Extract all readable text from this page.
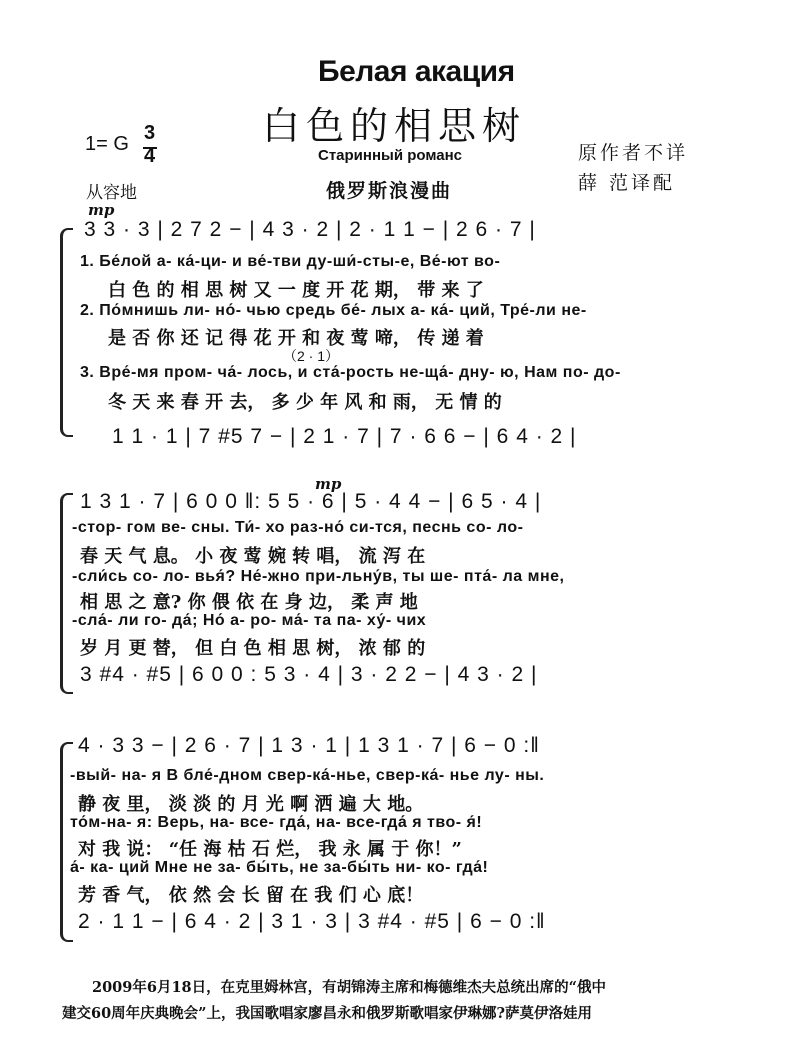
Белая акация
白色的相思树
Старинный романс
俄罗斯浪漫曲
原作者不详
薛 范译配
1= G 3
4
从容地
mp
3 3 · 3 | 2 7 2 − | 4 3 · 2 | 2 · 1 1 − | 2 6 · 7 |
1. Бе́лой а- ка́-ци- и ве́-тви ду-ши́-сты-е, Ве́-ют во-
白 色 的 相 思 树 又 一 度 开 花 期， 带 来 了
2. По́мнишь ли- но́- чью средь бе́- лых а- ка́- ций, Тре́-ли не-
是 否 你 还 记 得 花 开 和 夜 莺 啼， 传 递 着
（2 · 1）
3. Вре́-мя пром- ча́- лось, и ста́-рость не-ща́- дну- ю, Нам по- до-
冬 天 来 春 开 去， 多 少 年 风 和 雨， 无 情 的
1 1 · 1 | 7 #5 7 − | 2 1 · 7 | 7 · 6 6 − | 6 4 · 2 |
mp
1 3 1 · 7 | 6 0 0 ‖: 5 5 · 6 | 5 · 4 4 − | 6 5 · 4 |
-стор- гом ве- сны. Ти́- хо раз-но́ си-тся, песнь со- ло-
春 天 气 息。 小 夜 莺 婉 转 唱， 流 泻 在
-сли́сь со- ло- вья́? Не́-жно при-льну́в, ты ше- пта́- ла мне,
相 思 之 意? 你 偎 依 在 身 边， 柔 声 地
-сла́- ли го- да́; Но́ а- ро- ма́- та па- ху́- чих
岁 月 更 替， 但 白 色 相 思 树， 浓 郁 的
3 #4 · #5 | 6 0 0 : 5 3 · 4 | 3 · 2 2 − | 4 3 · 2 |
4 · 3 3 − | 2 6 · 7 | 1 3 · 1 | 1 3 1 · 7 | 6 − 0 :‖
-вый- на- я В бле́-дном свер-ка́-нье, свер-ка́- нье лу- ны.
静 夜 里， 淡 淡 的 月 光 啊 洒 遍 大 地。
то́м-на- я: Верь, на- все- гда́, на- все-гда́ я тво- я́!
对 我 说： “任 海 枯 石 烂， 我 永 属 于 你！”
а́- ка- ций Мне не за- бы́ть, не за-бы́ть ни- ко- гда́!
芳 香 气， 依 然 会 长 留 在 我 们 心 底！
2 · 1 1 − | 6 4 · 2 | 3 1 · 3 | 3 #4 · #5 | 6 − 0 :‖
2009年6月18日，在克里姆林宫，有胡锦涛主席和梅德维杰夫总统出席的“俄中
建交60周年庆典晚会”上，我国歌唱家廖昌永和俄罗斯歌唱家伊琳娜?萨莫伊洛娃用
